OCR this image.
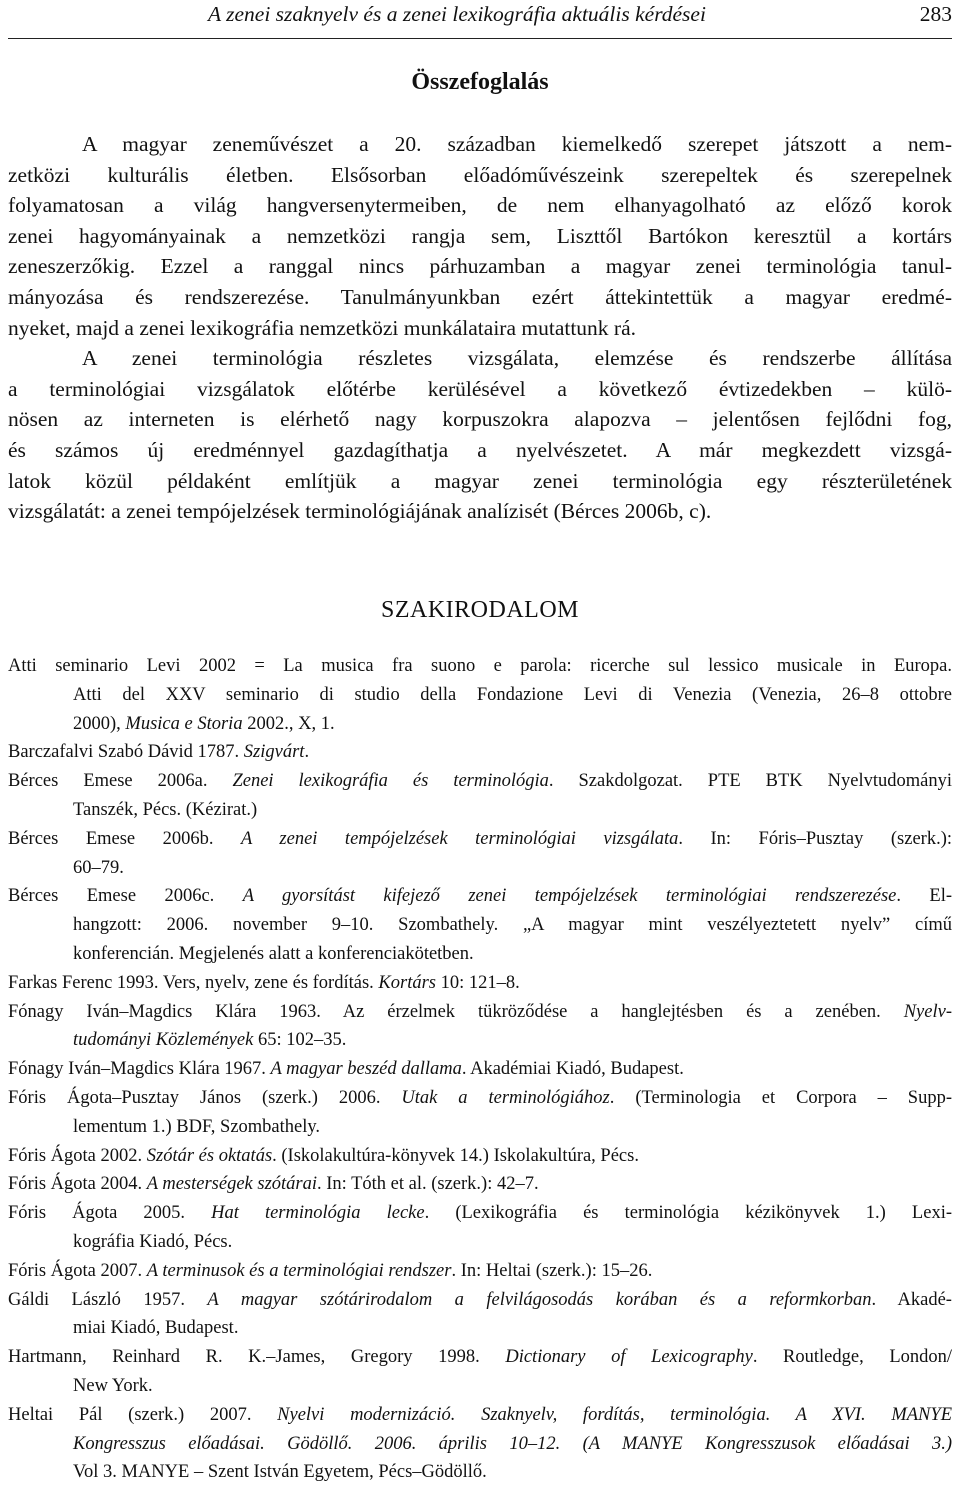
A zenei szaknyelv és a zenei lexikográfia aktuális kérdései	283
Összefoglalás
A magyar zeneművészet a 20. században kiemelkedő szerepet játszott a nem-
zetközi kulturális életben. Elsősorban előadóművészeink szerepeltek és szerepelnek
folyamatosan a világ hangversenytermeiben, de nem elhanyagolható az előző korok
zenei hagyományainak a nemzetközi rangja sem, Liszttől Bartókon keresztül a kortárs
zeneszerzőkig. Ezzel a ranggal nincs párhuzamban a magyar zenei terminológia tanul-
mányozása és rendszerezése. Tanulmányunkban ezért áttekintettük a magyar eredmé-
nyeket, majd a zenei lexikográfia nemzetközi munkálataira mutattunk rá.
A zenei terminológia részletes vizsgálata, elemzése és rendszerbe állítása
a terminológiai vizsgálatok előtérbe kerülésével a következő évtizedekben – külö-
nösen az interneten is elérhető nagy korpuszokra alapozva – jelentősen fejlődni fog,
és számos új eredménnyel gazdagíthatja a nyelvészetet. A már megkezdett vizsgá-
latok közül példaként említjük a magyar zenei terminológia egy részterületének
vizsgálatát: a zenei tempójelzések terminológiájának analízisét (Bérces 2006b, c).
SZAKIRODALOM
Atti seminario Levi 2002 = La musica fra suono e parola: ricerche sul lessico musicale in Europa.
Atti del XXV seminario di studio della Fondazione Levi di Venezia (Venezia, 26–8 ottobre
2000), Musica e Storia 2002., X, 1.
Barczafalvi Szabó Dávid 1787. Szigvárt.
Bérces Emese 2006a. Zenei lexikográfia és terminológia. Szakdolgozat. PTE BTK Nyelvtudományi
Tanszék, Pécs. (Kézirat.)
Bérces Emese 2006b. A zenei tempójelzések terminológiai vizsgálata. In: Fóris–Pusztay (szerk.):
60–79.
Bérces Emese 2006c. A gyorsítást kifejező zenei tempójelzések terminológiai rendszerezése. El-
hangzott: 2006. november 9–10. Szombathely. „A magyar mint veszélyeztetett nyelv” című
konferencián. Megjelenés alatt a konferenciakötetben.
Farkas Ferenc 1993. Vers, nyelv, zene és fordítás. Kortárs 10: 121–8.
Fónagy Iván–Magdics Klára 1963. Az érzelmek tükröződése a hanglejtésben és a zenében. Nyelv-
tudományi Közlemények 65: 102–35.
Fónagy Iván–Magdics Klára 1967. A magyar beszéd dallama. Akadémiai Kiadó, Budapest.
Fóris Ágota–Pusztay János (szerk.) 2006. Utak a terminológiához. (Terminologia et Corpora – Supp-
lementum 1.) BDF, Szombathely.
Fóris Ágota 2002. Szótár és oktatás. (Iskolakultúra-könyvek 14.) Iskolakultúra, Pécs.
Fóris Ágota 2004. A mesterségek szótárai. In: Tóth et al. (szerk.): 42–7.
Fóris Ágota 2005. Hat terminológia lecke. (Lexikográfia és terminológia kézikönyvek 1.) Lexi-
kográfia Kiadó, Pécs.
Fóris Ágota 2007. A terminusok és a terminológiai rendszer. In: Heltai (szerk.): 15–26.
Gáldi László 1957. A magyar szótárirodalom a felvilágosodás korában és a reformkorban. Akadé-
miai Kiadó, Budapest.
Hartmann, Reinhard R. K.–James, Gregory 1998. Dictionary of Lexicography. Routledge, London/
New York.
Heltai Pál (szerk.) 2007. Nyelvi modernizáció. Szaknyelv, fordítás, terminológia. A XVI. MANYE
Kongresszus előadásai. Gödöllő. 2006. április 10–12. (A MANYE Kongresszusok előadásai 3.)
Vol 3. MANYE – Szent István Egyetem, Pécs–Gödöllő.
